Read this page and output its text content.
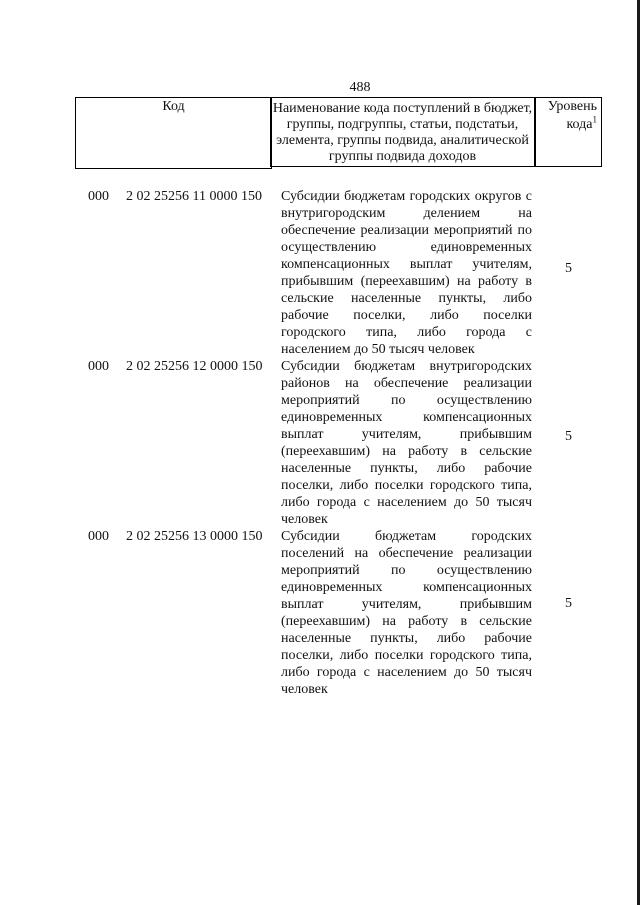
488
Код	Наименование кода поступлений в бюджет, группы, подгруппы, статьи, подстатьи, элемента, группы подвида, аналитической группы подвида доходов
Уровень кода$^1$
000 2 02 25256 11 0000 150 Субсидии бюджетам городских округов с внутригородским делением на обеспечение реализации мероприятий по осуществлению единовременных компенсационных выплат учителям, прибывшим (переехавшим) на работу в сельские населенные пункты, либо рабочие поселки, либо поселки городского типа, либо города с населением до 50 тысяч человек
5
000 2 02 25256 12 0000 150 Субсидии бюджетам внутригородских районов на обеспечение реализации мероприятий по осуществлению единовременных компенсационных выплат учителям, прибывшим (переехавшим) на работу в сельские населенные пункты, либо рабочие поселки, либо поселки городского типа, либо города с населением до 50 тысяч человек
5
000 2 02 25256 13 0000 150 Субсидии бюджетам городских поселений на обеспечение реализации мероприятий по осуществлению единовременных компенсационных выплат учителям, прибывшим (переехавшим) на работу в сельские населенные пункты, либо рабочие поселки, либо поселки городского типа, либо города с населением до 50 тысяч человек
5
